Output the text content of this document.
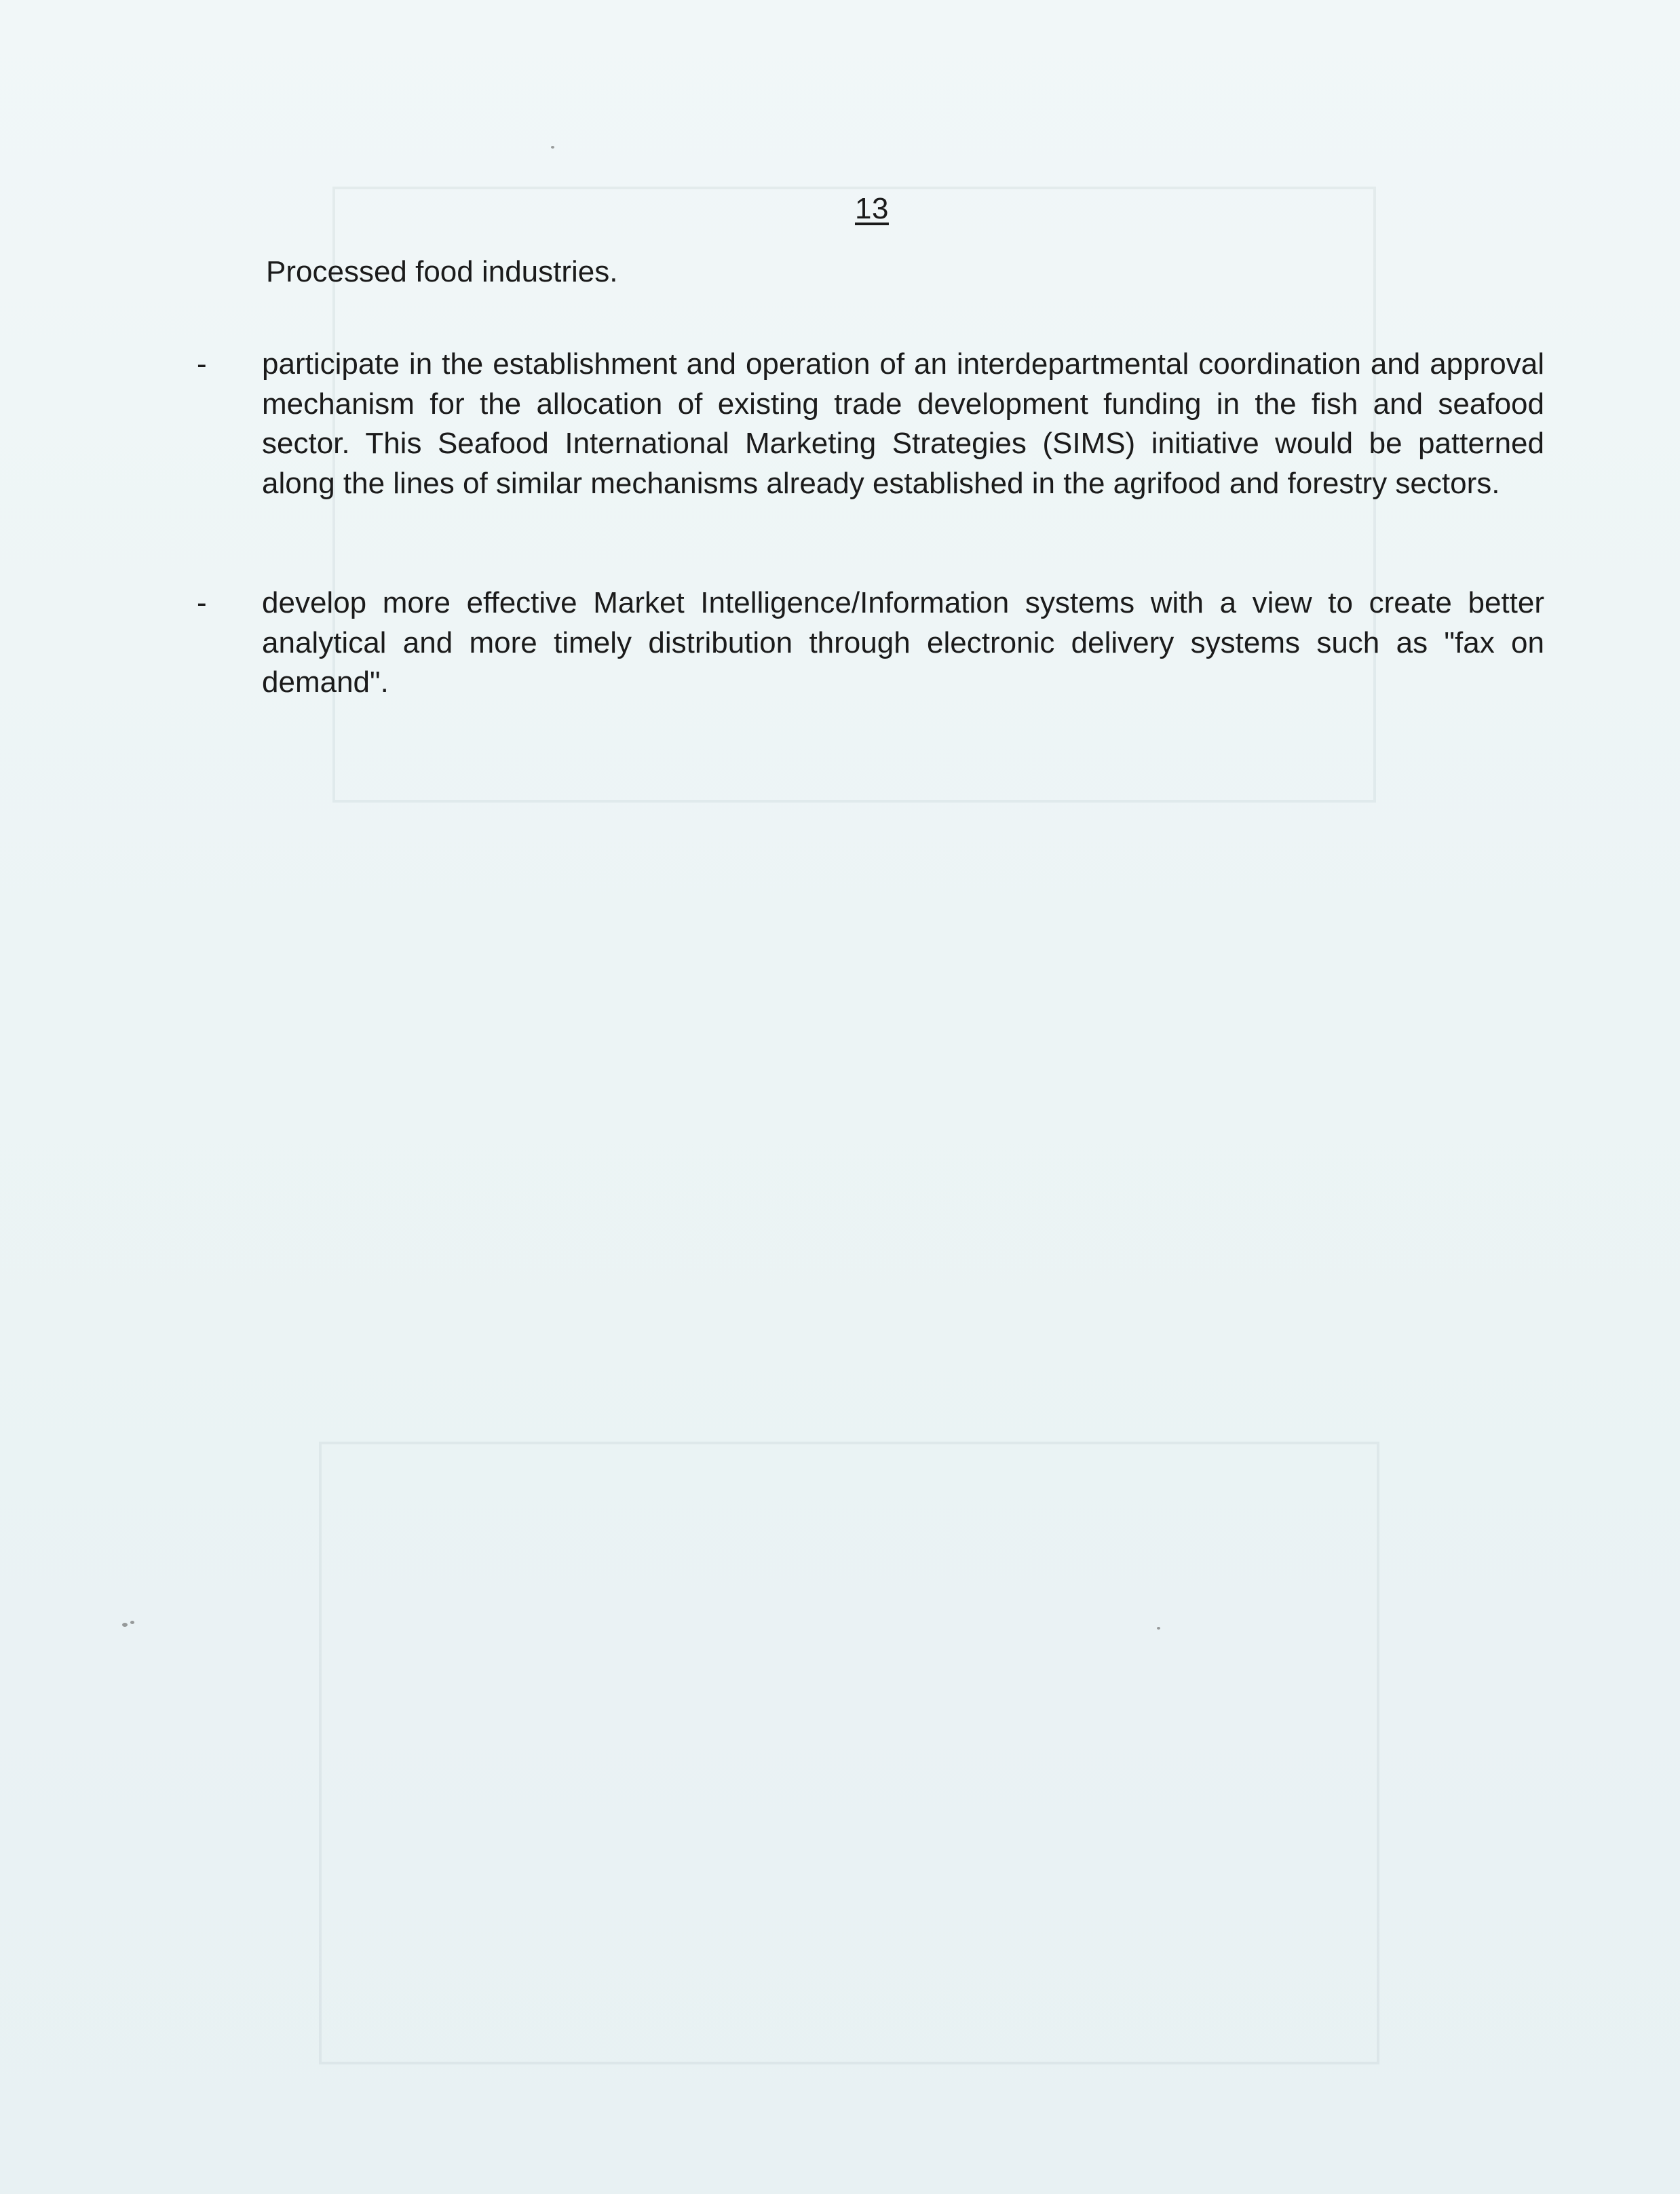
13
Processed food industries.
- participate in the establishment and operation of an interdepartmental coordination and approval mechanism for the allocation of existing trade development funding in the fish and seafood sector. This Seafood International Marketing Strategies (SIMS) initiative would be patterned along the lines of similar mechanisms already established in the agrifood and forestry sectors.
- develop more effective Market Intelligence/Information systems with a view to create better analytical and more timely distribution through electronic delivery systems such as "fax on demand".
